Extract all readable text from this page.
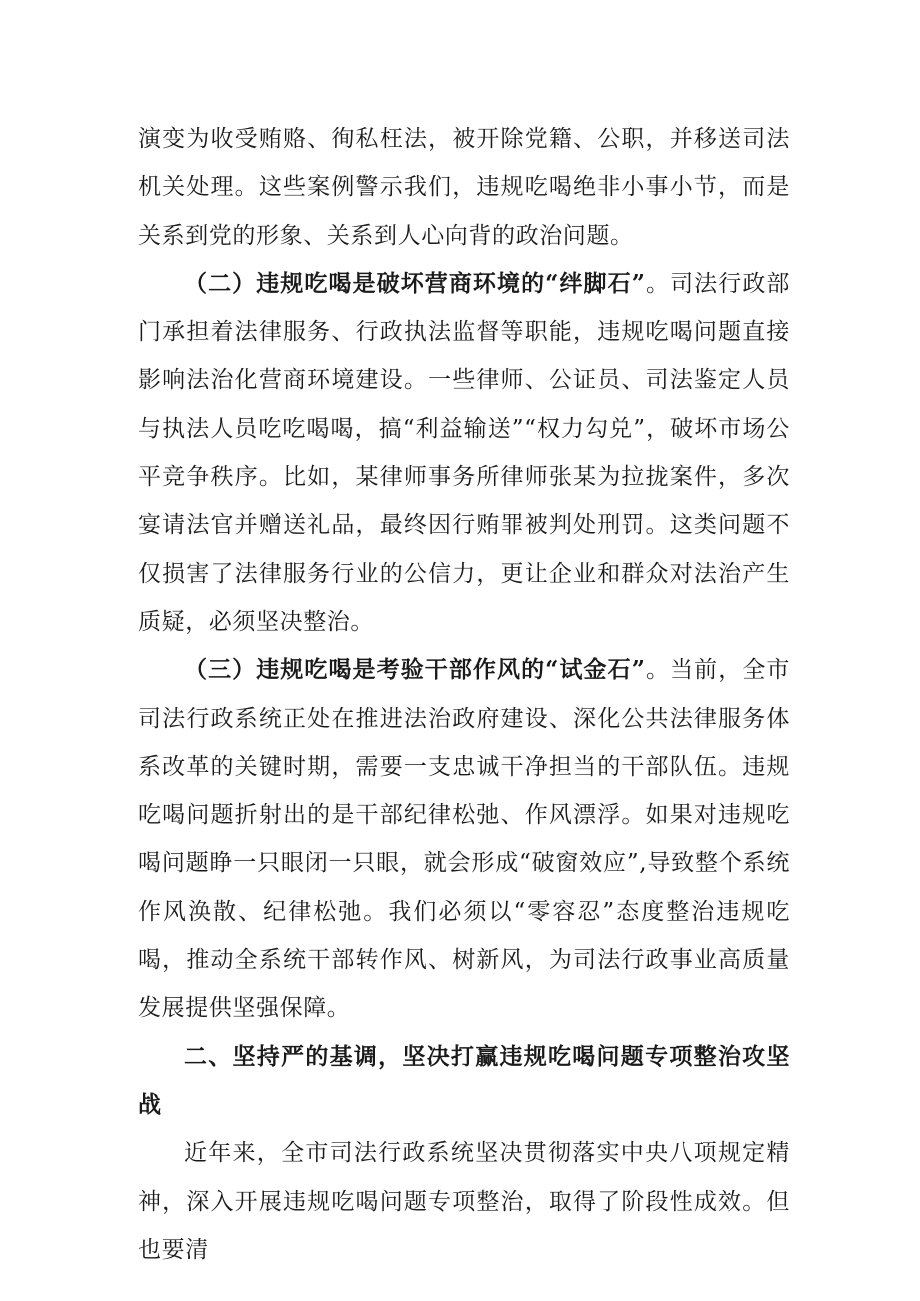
演变为收受贿赂、徇私枉法，被开除党籍、公职，并移送司法机关处理。这些案例警示我们，违规吃喝绝非小事小节，而是关系到党的形象、关系到人心向背的政治问题。

（二）违规吃喝是破坏营商环境的“绊脚石”。司法行政部门承担着法律服务、行政执法监督等职能，违规吃喝问题直接影响法治化营商环境建设。一些律师、公证员、司法鉴定人员与执法人员吃吃喝喝，搞“利益输送”“权力勾兑”，破坏市场公平竞争秩序。比如，某律师事务所律师张某为拉拢案件，多次宴请法官并赠送礼品，最终因行贿罪被判处刑罚。这类问题不仅损害了法律服务行业的公信力，更让企业和群众对法治产生质疑，必须坚决整治。

（三）违规吃喝是考验干部作风的“试金石”。当前，全市司法行政系统正处在推进法治政府建设、深化公共法律服务体系改革的关键时期，需要一支忠诚干净担当的干部队伍。违规吃喝问题折射出的是干部纪律松弛、作风漂浮。如果对违规吃喝问题睁一只眼闭一只眼，就会形成“破窗效应”,导致整个系统作风涣散、纪律松弛。我们必须以“零容忍”态度整治违规吃喝，推动全系统干部转作风、树新风，为司法行政事业高质量发展提供坚强保障。

二、坚持严的基调，坚决打赢违规吃喝问题专项整治攻坚战

近年来，全市司法行政系统坚决贯彻落实中央八项规定精神，深入开展违规吃喝问题专项整治，取得了阶段性成效。但也要清
